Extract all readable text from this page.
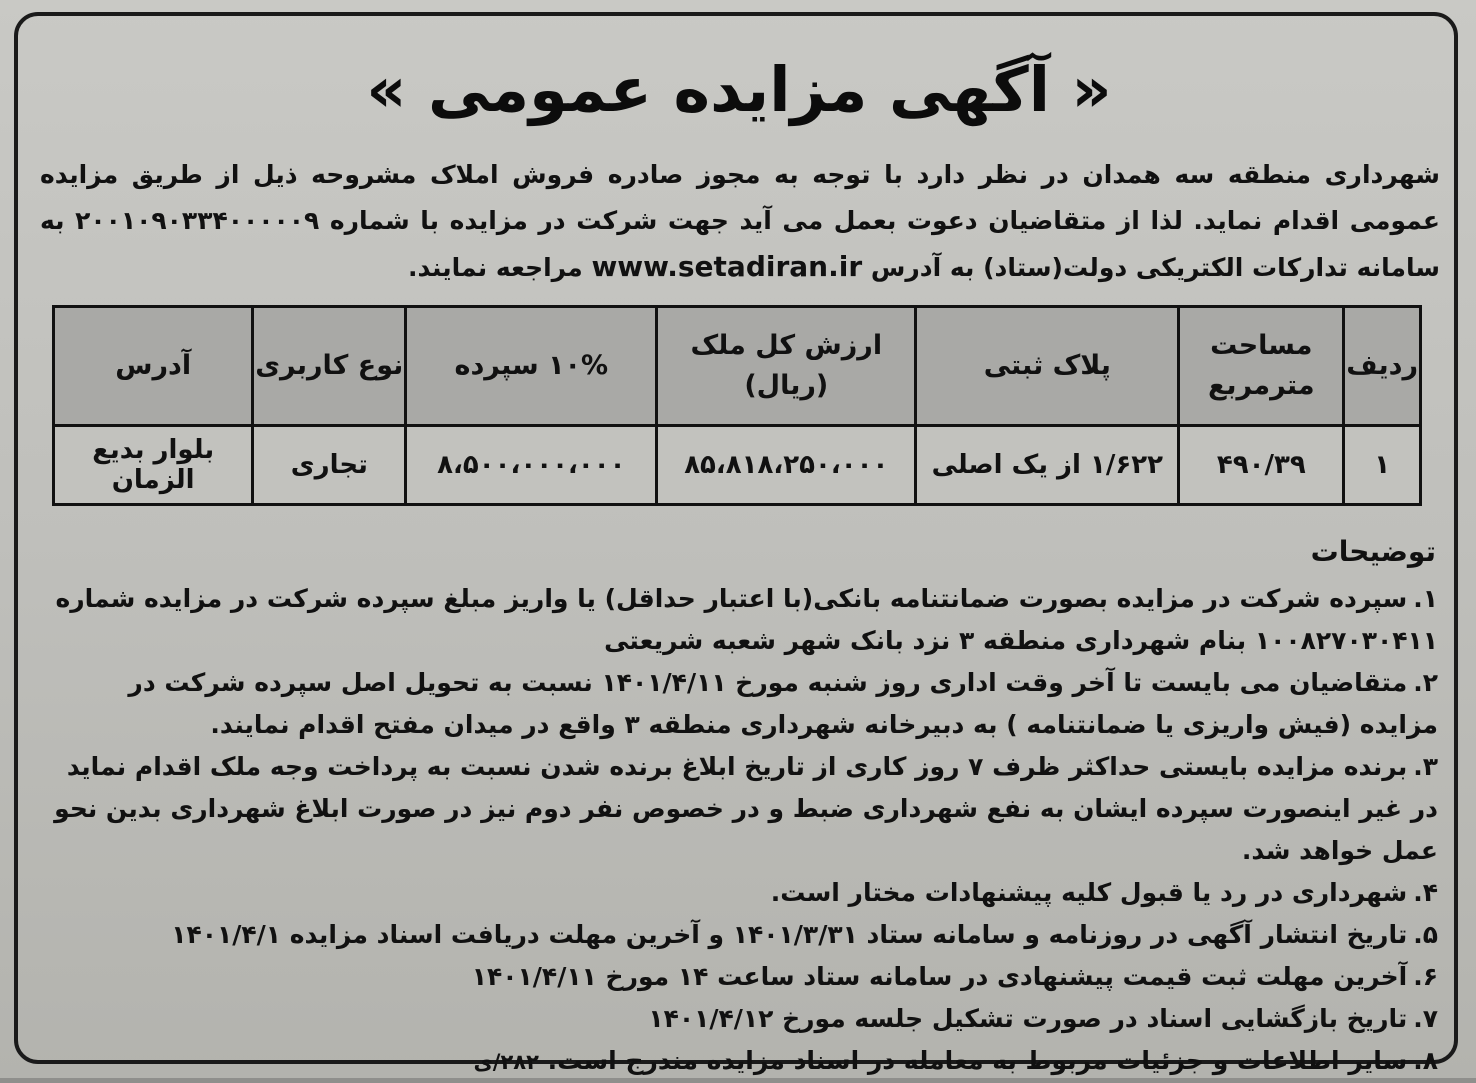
« آگهی مزایده عمومی »

شهرداری منطقه سه همدان در نظر دارد با توجه به مجوز صادره فروش املاک مشروحه ذیل از طریق مزایده عمومی اقدام نماید. لذا از متقاضیان دعوت بعمل می آید جهت شرکت در مزایده با شماره ۲۰۰۱۰۹۰۳۳۴۰۰۰۰۰۹ به سامانه تدارکات الکتریکی دولت(ستاد) به آدرس www.setadiran.ir مراجعه نمایند.

ردیف	مساحت مترمربع	پلاک ثبتی	ارزش کل ملک (ریال)	۱۰% سپرده	نوع کاربری	آدرس
۱	۴۹۰/۳۹	۱/۶۲۲ از یک اصلی	۸۵،۸۱۸،۲۵۰،۰۰۰	۸،۵۰۰،۰۰۰،۰۰۰	تجاری	بلوار بدیع الزمان
توضیحات

۱.سپرده شرکت در مزایده بصورت ضمانتنامه بانکی(با اعتبار حداقل) یا واریز مبلغ سپرده شرکت در مزایده شماره ۱۰۰۸۲۷۰۳۰۴۱۱ بنام شهرداری منطقه ۳ نزد بانک شهر شعبه شریعتی

۲.متقاضیان می بایست تا آخر وقت اداری روز شنبه مورخ ۱۴۰۱/۴/۱۱ نسبت به تحویل اصل سپرده شرکت در مزایده (فیش واریزی یا ضمانتنامه ) به دبیرخانه شهرداری منطقه ۳ واقع در میدان مفتح اقدام نمایند.

۳.برنده مزایده بایستی حداکثر ظرف ۷ روز کاری از تاریخ ابلاغ برنده شدن نسبت به پرداخت وجه ملک اقدام نماید در غیر اینصورت سپرده ایشان به نفع شهرداری ضبط و در خصوص نفر دوم نیز در صورت ابلاغ شهرداری بدین نحو عمل خواهد شد.

۴.شهرداری در رد یا قبول کلیه پیشنهادات مختار است.

۵.تاریخ انتشار آگهی در روزنامه و سامانه ستاد ۱۴۰۱/۳/۳۱ و آخرین مهلت دریافت اسناد مزایده ۱۴۰۱/۴/۱

۶.آخرین مهلت ثبت قیمت پیشنهادی در سامانه ستاد ساعت ۱۴ مورخ ۱۴۰۱/۴/۱۱

۷.تاریخ بازگشایی اسناد در صورت تشکیل جلسه مورخ ۱۴۰۱/۴/۱۲

۸.سایر اطلاعات و جزئیات مربوط به معامله در اسناد مزایده مندرج است. ۲۸۲/ی
